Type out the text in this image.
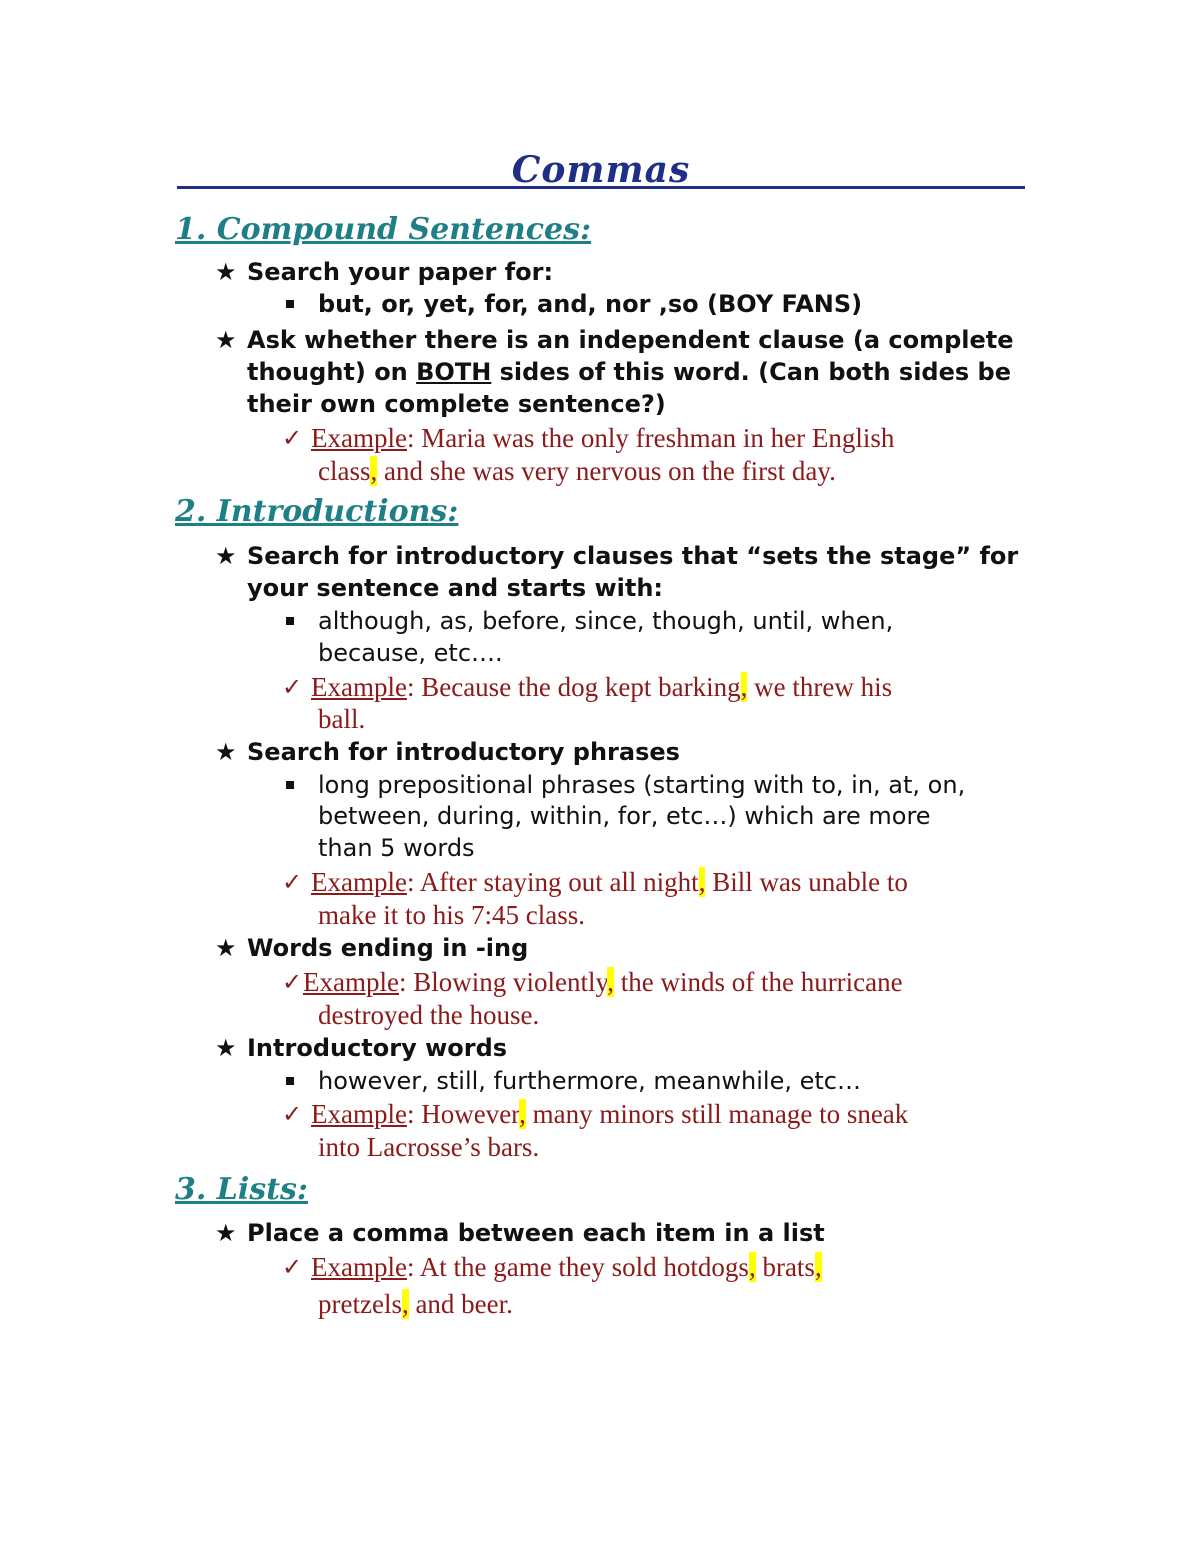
Commas
1. Compound Sentences:
★ Search your paper for:
but, or, yet, for, and, nor ,so (BOY FANS)
★ Ask whether there is an independent clause (a complete
thought) on BOTH sides of this word. (Can both sides be
their own complete sentence?)
✓ Example: Maria was the only freshman in her English
class, and she was very nervous on the first day.
2. Introductions:
★ Search for introductory clauses that “sets the stage” for
your sentence and starts with:
although, as, before, since, though, until, when,
because, etc….
✓ Example: Because the dog kept barking, we threw his
ball.
★ Search for introductory phrases
long prepositional phrases (starting with to, in, at, on,
between, during, within, for, etc…) which are more
than 5 words
✓ Example: After staying out all night, Bill was unable to
make it to his 7:45 class.
★ Words ending in -ing
✓ Example: Blowing violently, the winds of the hurricane
destroyed the house.
★ Introductory words
however, still, furthermore, meanwhile, etc…
✓ Example: However, many minors still manage to sneak
into Lacrosse’s bars.
3. Lists:
★ Place a comma between each item in a list
✓ Example: At the game they sold hotdogs, brats,
pretzels, and beer.
